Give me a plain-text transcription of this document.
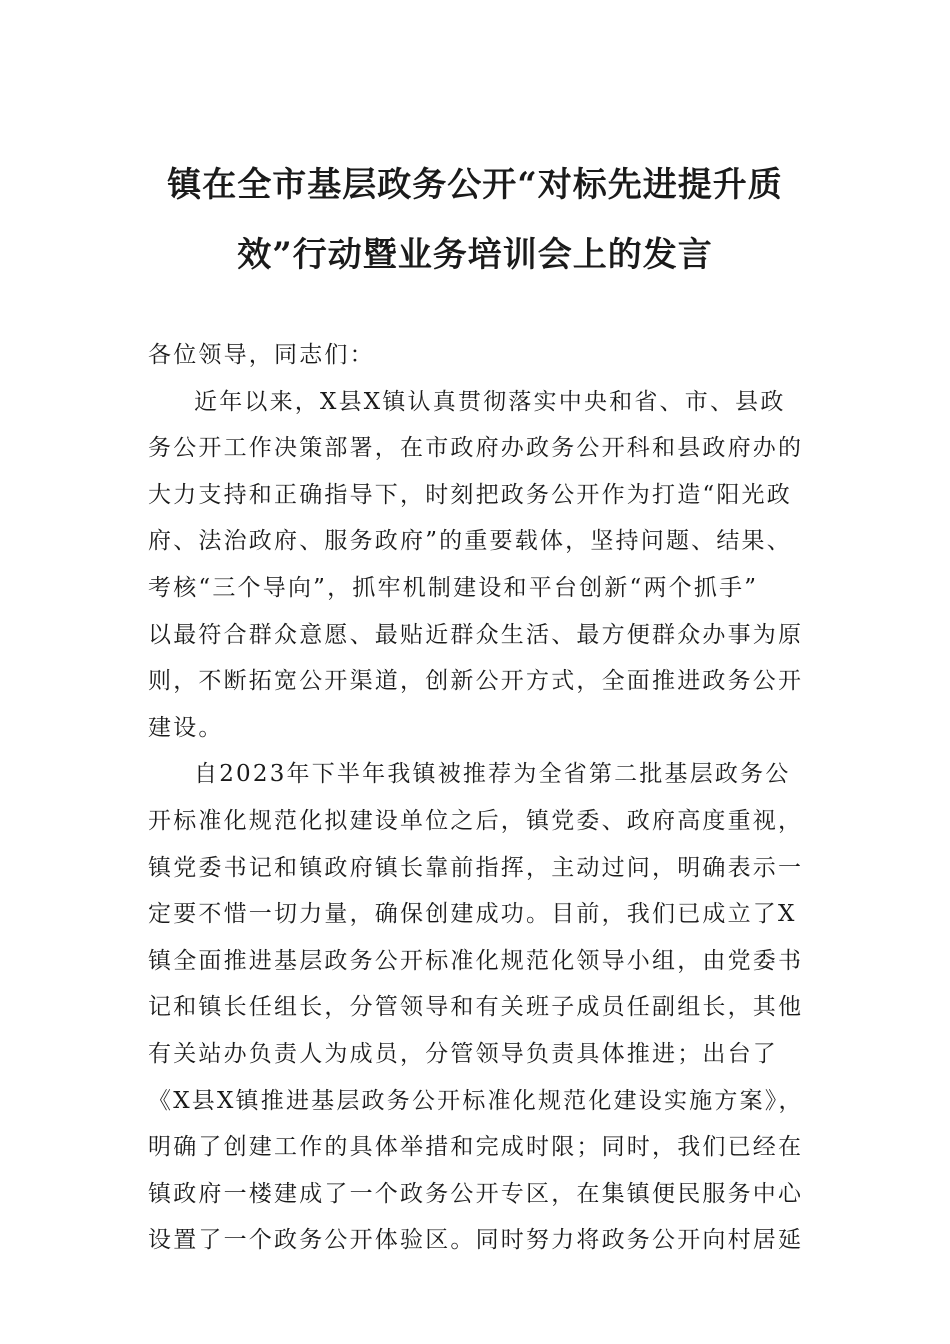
镇在全市基层政务公开“对标先进提升质
效”行动暨业务培训会上的发言
各位领导，同志们：
近年以来，X县X镇认真贯彻落实中央和省、市、县政
务公开工作决策部署，在市政府办政务公开科和县政府办的
大力支持和正确指导下，时刻把政务公开作为打造“阳光政
府、法治政府、服务政府”的重要载体，坚持问题、结果、
考核“三个导向”，抓牢机制建设和平台创新“两个抓手”
以最符合群众意愿、最贴近群众生活、最方便群众办事为原
则，不断拓宽公开渠道，创新公开方式，全面推进政务公开
建设。
自2023年下半年我镇被推荐为全省第二批基层政务公
开标准化规范化拟建设单位之后，镇党委、政府高度重视，
镇党委书记和镇政府镇长靠前指挥，主动过问，明确表示一
定要不惜一切力量，确保创建成功。目前，我们已成立了X
镇全面推进基层政务公开标准化规范化领导小组，由党委书
记和镇长任组长，分管领导和有关班子成员任副组长，其他
有关站办负责人为成员，分管领导负责具体推进；出台了
《X县X镇推进基层政务公开标准化规范化建设实施方案》，
明确了创建工作的具体举措和完成时限；同时，我们已经在
镇政府一楼建成了一个政务公开专区，在集镇便民服务中心
设置了一个政务公开体验区。同时努力将政务公开向村居延
